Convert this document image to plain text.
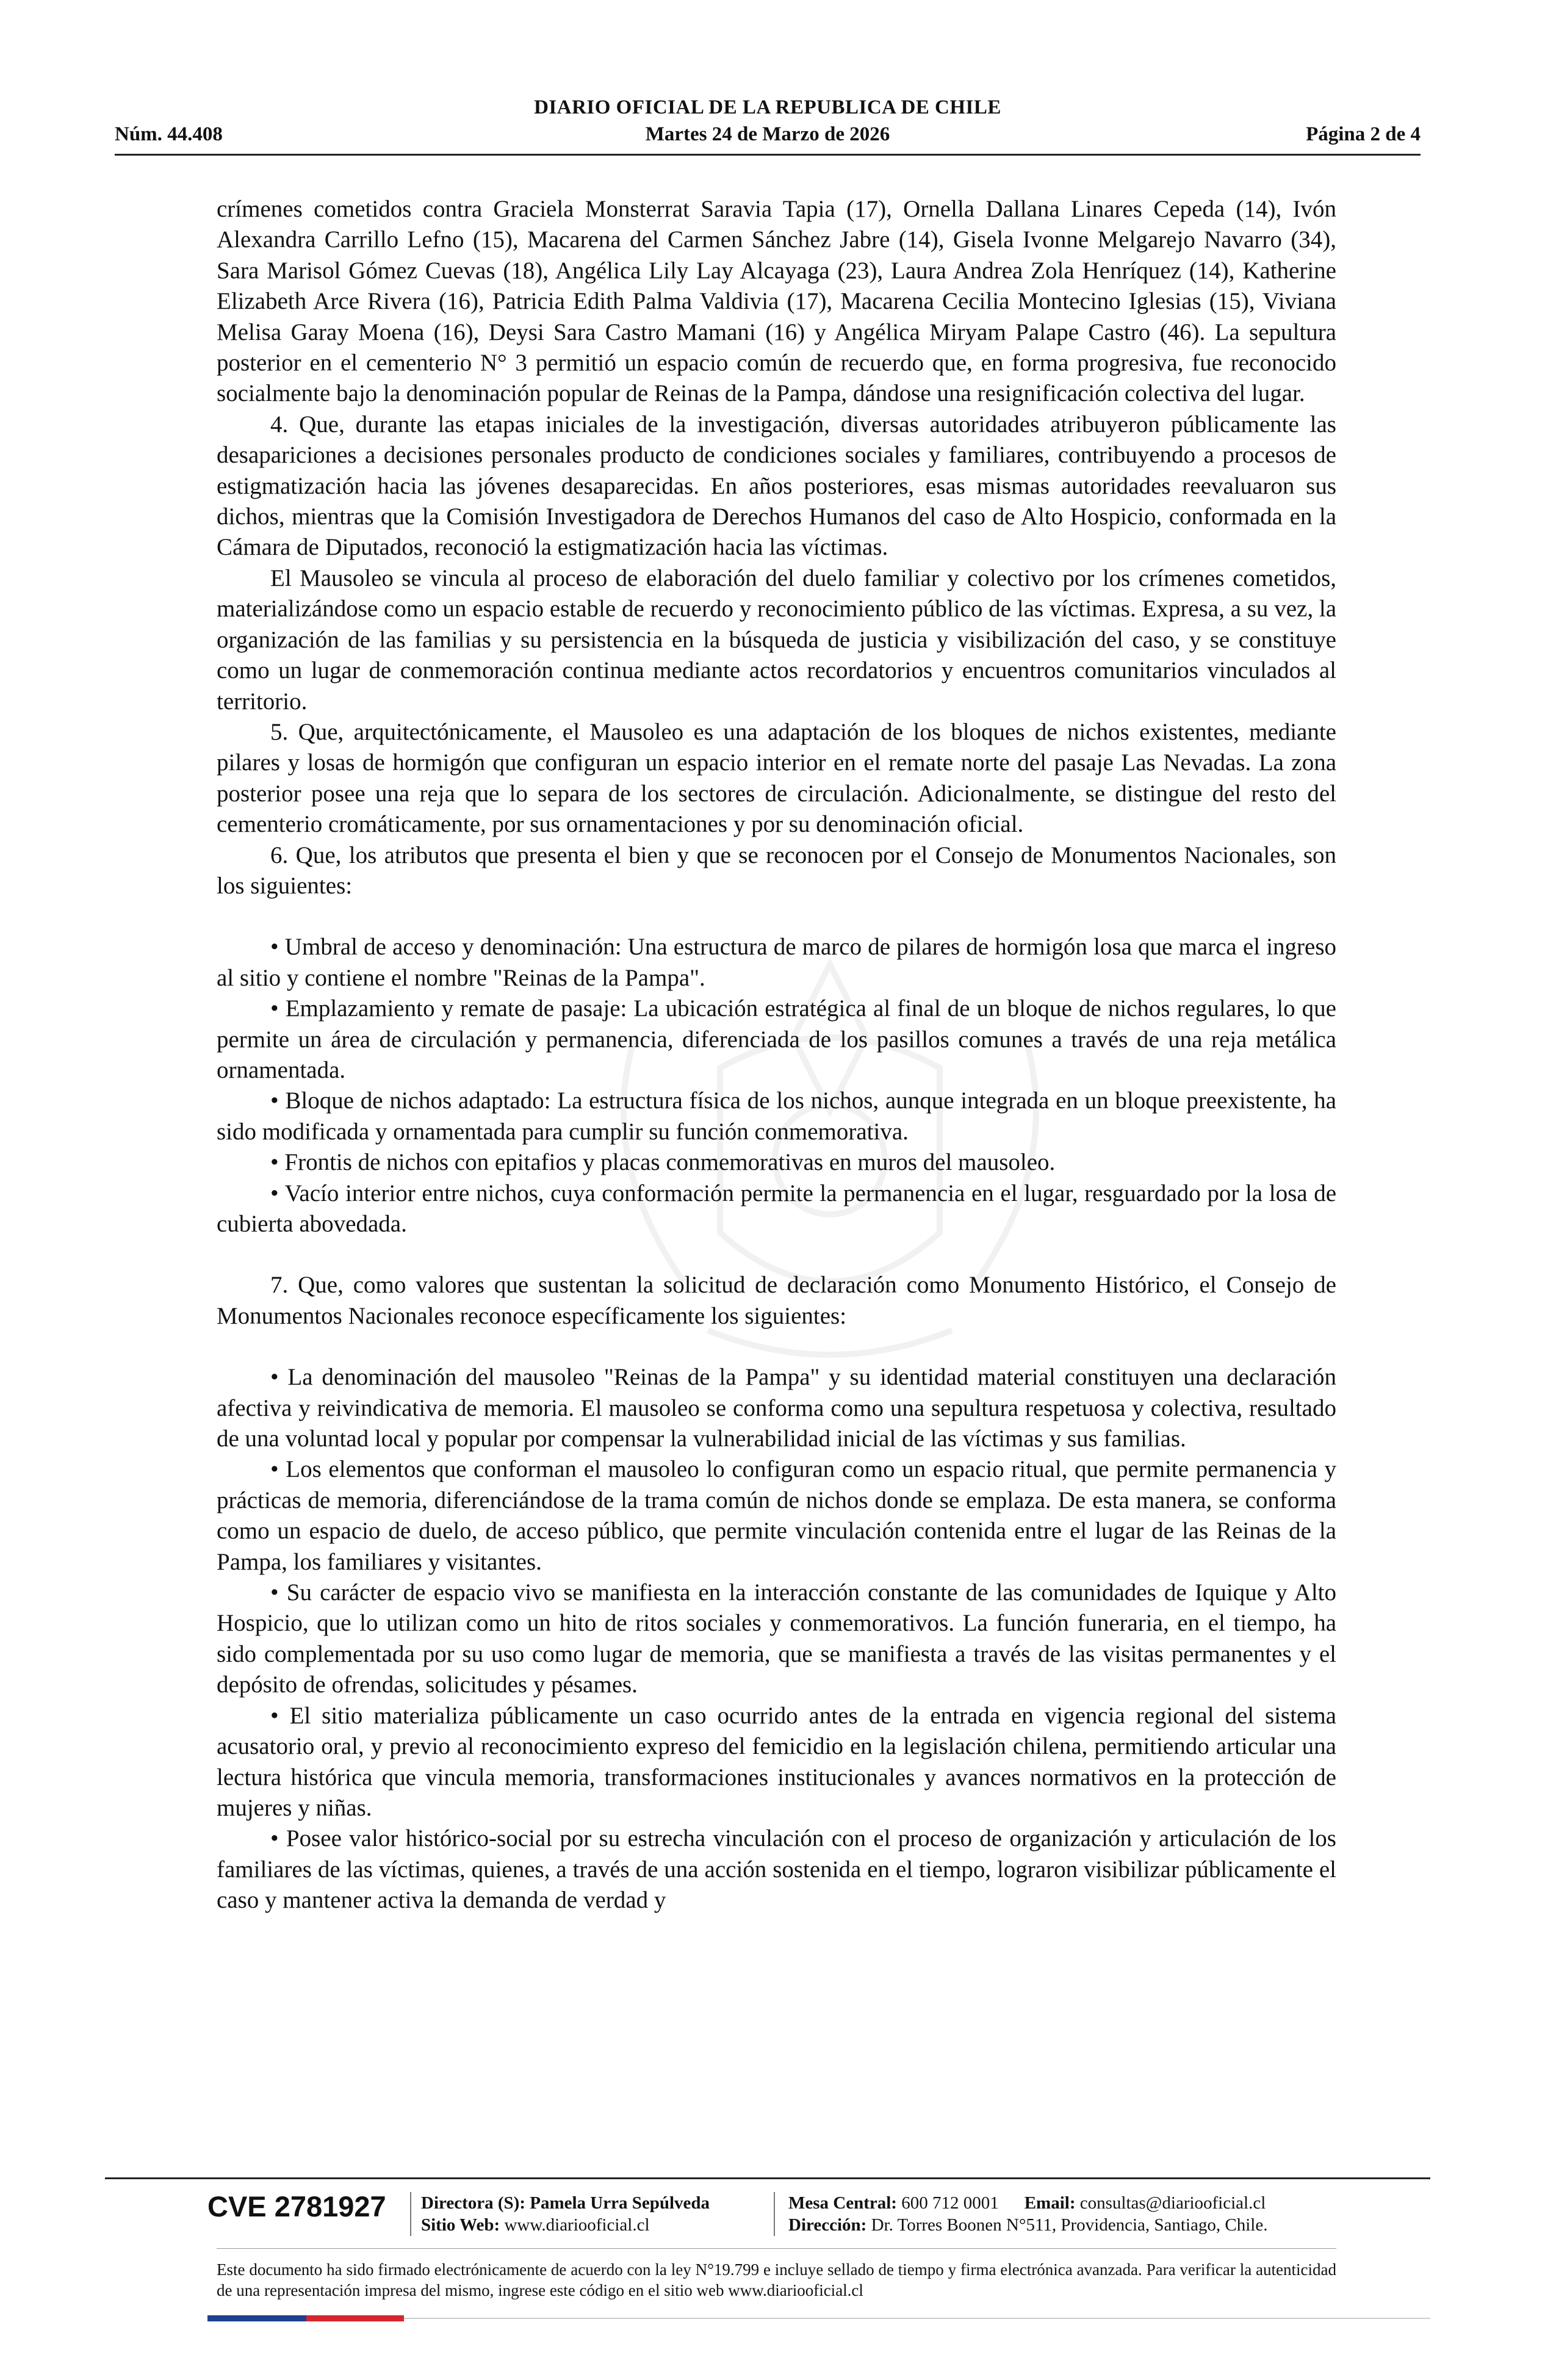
DIARIO OFICIAL DE LA REPUBLICA DE CHILE
Núm. 44.408	Martes 24 de Marzo de 2026	Página 2 de 4

crímenes cometidos contra Graciela Monsterrat Saravia Tapia (17), Ornella Dallana Linares Cepeda (14), Ivón Alexandra Carrillo Lefno (15), Macarena del Carmen Sánchez Jabre (14), Gisela Ivonne Melgarejo Navarro (34), Sara Marisol Gómez Cuevas (18), Angélica Lily Lay Alcayaga (23), Laura Andrea Zola Henríquez (14), Katherine Elizabeth Arce Rivera (16), Patricia Edith Palma Valdivia (17), Macarena Cecilia Montecino Iglesias (15), Viviana Melisa Garay Moena (16), Deysi Sara Castro Mamani (16) y Angélica Miryam Palape Castro (46). La sepultura posterior en el cementerio N° 3 permitió un espacio común de recuerdo que, en forma progresiva, fue reconocido socialmente bajo la denominación popular de Reinas de la Pampa, dándose una resignificación colectiva del lugar.

4. Que, durante las etapas iniciales de la investigación, diversas autoridades atribuyeron públicamente las desapariciones a decisiones personales producto de condiciones sociales y familiares, contribuyendo a procesos de estigmatización hacia las jóvenes desaparecidas. En años posteriores, esas mismas autoridades reevaluaron sus dichos, mientras que la Comisión Investigadora de Derechos Humanos del caso de Alto Hospicio, conformada en la Cámara de Diputados, reconoció la estigmatización hacia las víctimas.

El Mausoleo se vincula al proceso de elaboración del duelo familiar y colectivo por los crímenes cometidos, materializándose como un espacio estable de recuerdo y reconocimiento público de las víctimas. Expresa, a su vez, la organización de las familias y su persistencia en la búsqueda de justicia y visibilización del caso, y se constituye como un lugar de conmemoración continua mediante actos recordatorios y encuentros comunitarios vinculados al territorio.

5. Que, arquitectónicamente, el Mausoleo es una adaptación de los bloques de nichos existentes, mediante pilares y losas de hormigón que configuran un espacio interior en el remate norte del pasaje Las Nevadas. La zona posterior posee una reja que lo separa de los sectores de circulación. Adicionalmente, se distingue del resto del cementerio cromáticamente, por sus ornamentaciones y por su denominación oficial.

6. Que, los atributos que presenta el bien y que se reconocen por el Consejo de Monumentos Nacionales, son los siguientes:

• Umbral de acceso y denominación: Una estructura de marco de pilares de hormigón losa que marca el ingreso al sitio y contiene el nombre "Reinas de la Pampa".

• Emplazamiento y remate de pasaje: La ubicación estratégica al final de un bloque de nichos regulares, lo que permite un área de circulación y permanencia, diferenciada de los pasillos comunes a través de una reja metálica ornamentada.

• Bloque de nichos adaptado: La estructura física de los nichos, aunque integrada en un bloque preexistente, ha sido modificada y ornamentada para cumplir su función conmemorativa.

• Frontis de nichos con epitafios y placas conmemorativas en muros del mausoleo.

• Vacío interior entre nichos, cuya conformación permite la permanencia en el lugar, resguardado por la losa de cubierta abovedada.

7. Que, como valores que sustentan la solicitud de declaración como Monumento Histórico, el Consejo de Monumentos Nacionales reconoce específicamente los siguientes:

• La denominación del mausoleo "Reinas de la Pampa" y su identidad material constituyen una declaración afectiva y reivindicativa de memoria. El mausoleo se conforma como una sepultura respetuosa y colectiva, resultado de una voluntad local y popular por compensar la vulnerabilidad inicial de las víctimas y sus familias.

• Los elementos que conforman el mausoleo lo configuran como un espacio ritual, que permite permanencia y prácticas de memoria, diferenciándose de la trama común de nichos donde se emplaza. De esta manera, se conforma como un espacio de duelo, de acceso público, que permite vinculación contenida entre el lugar de las Reinas de la Pampa, los familiares y visitantes.

• Su carácter de espacio vivo se manifiesta en la interacción constante de las comunidades de Iquique y Alto Hospicio, que lo utilizan como un hito de ritos sociales y conmemorativos. La función funeraria, en el tiempo, ha sido complementada por su uso como lugar de memoria, que se manifiesta a través de las visitas permanentes y el depósito de ofrendas, solicitudes y pésames.

• El sitio materializa públicamente un caso ocurrido antes de la entrada en vigencia regional del sistema acusatorio oral, y previo al reconocimiento expreso del femicidio en la legislación chilena, permitiendo articular una lectura histórica que vincula memoria, transformaciones institucionales y avances normativos en la protección de mujeres y niñas.

• Posee valor histórico-social por su estrecha vinculación con el proceso de organización y articulación de los familiares de las víctimas, quienes, a través de una acción sostenida en el tiempo, lograron visibilizar públicamente el caso y mantener activa la demanda de verdad y

CVE 2781927 Directora (S): Pamela Urra Sepúlveda
Sitio Web: www.diariooficial.cl
Mesa Central: 600 712 0001 Email: consultas@diariooficial.cl
Dirección: Dr. Torres Boonen N°511, Providencia, Santiago, Chile.
Este documento ha sido firmado electrónicamente de acuerdo con la ley N°19.799 e incluye sellado de tiempo y firma electrónica avanzada. Para verificar la autenticidad de una representación impresa del mismo, ingrese este código en el sitio web www.diariooficial.cl
